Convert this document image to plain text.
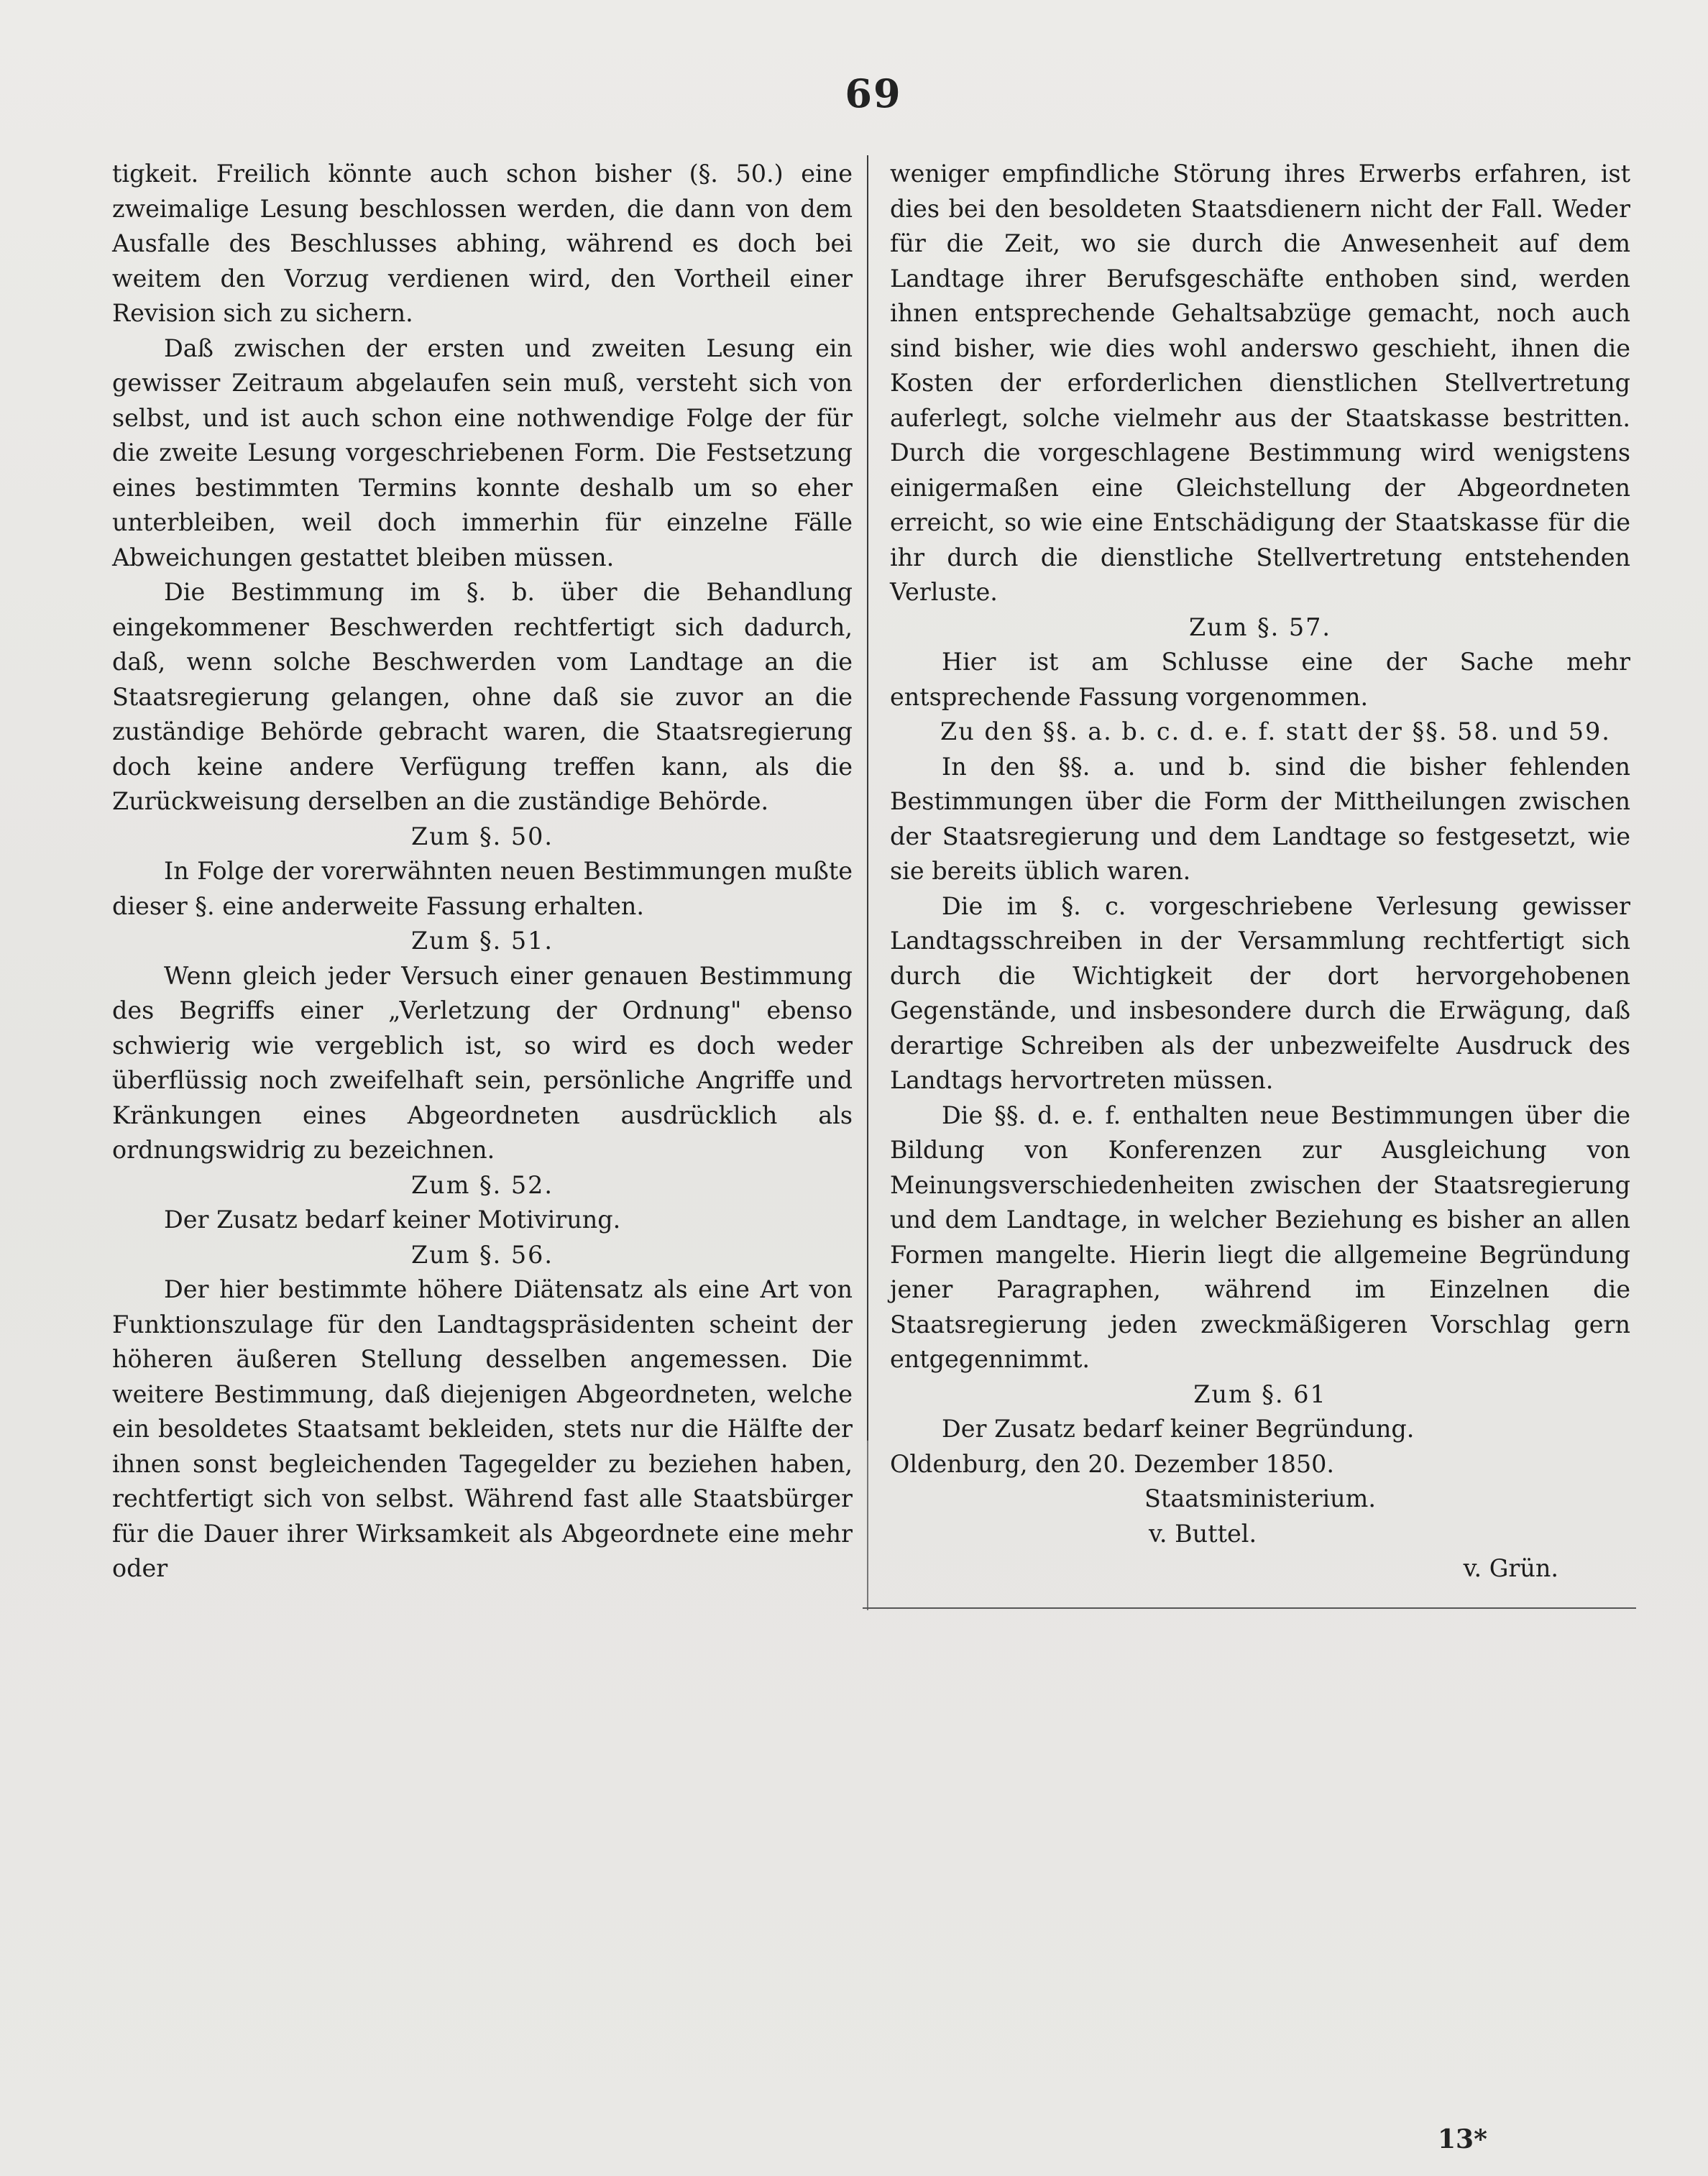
69

tigkeit. Freilich könnte auch schon bisher (§. 50.) eine zweimalige Lesung beschlossen werden, die dann von dem Ausfalle des Beschlusses abhing, während es doch bei weitem den Vorzug verdienen wird, den Vortheil einer Revision sich zu sichern.

Daß zwischen der ersten und zweiten Lesung ein gewisser Zeitraum abgelaufen sein muß, versteht sich von selbst, und ist auch schon eine nothwendige Folge der für die zweite Lesung vorgeschriebenen Form. Die Festsetzung eines bestimmten Termins konnte deshalb um so eher unterbleiben, weil doch immerhin für einzelne Fälle Abweichungen gestattet bleiben müssen.

Die Bestimmung im §. b. über die Behandlung eingekommener Beschwerden rechtfertigt sich dadurch, daß, wenn solche Beschwerden vom Landtage an die Staatsregierung gelangen, ohne daß sie zuvor an die zuständige Behörde gebracht waren, die Staatsregierung doch keine andere Verfügung treffen kann, als die Zurückweisung derselben an die zuständige Behörde.

Zum §. 50.

In Folge der vorerwähnten neuen Bestimmungen mußte dieser §. eine anderweite Fassung erhalten.

Zum §. 51.

Wenn gleich jeder Versuch einer genauen Bestimmung des Begriffs einer „Verletzung der Ordnung" ebenso schwierig wie vergeblich ist, so wird es doch weder überflüssig noch zweifelhaft sein, persönliche Angriffe und Kränkungen eines Abgeordneten ausdrücklich als ordnungswidrig zu bezeichnen.

Zum §. 52.

Der Zusatz bedarf keiner Motivirung.

Zum §. 56.

Der hier bestimmte höhere Diätensatz als eine Art von Funktionszulage für den Landtagspräsidenten scheint der höheren äußeren Stellung desselben angemessen. Die weitere Bestimmung, daß diejenigen Abgeordneten, welche ein besoldetes Staatsamt bekleiden, stets nur die Hälfte der ihnen sonst begleichenden Tagegelder zu beziehen haben, rechtfertigt sich von selbst. Während fast alle Staatsbürger für die Dauer ihrer Wirksamkeit als Abgeordnete eine mehr oder

weniger empfindliche Störung ihres Erwerbs erfahren, ist dies bei den besoldeten Staatsdienern nicht der Fall. Weder für die Zeit, wo sie durch die Anwesenheit auf dem Landtage ihrer Berufsgeschäfte enthoben sind, werden ihnen entsprechende Gehaltsabzüge gemacht, noch auch sind bisher, wie dies wohl anderswo geschieht, ihnen die Kosten der erforderlichen dienstlichen Stellvertretung auferlegt, solche vielmehr aus der Staatskasse bestritten. Durch die vorgeschlagene Bestimmung wird wenigstens einigermaßen eine Gleichstellung der Abgeordneten erreicht, so wie eine Entschädigung der Staatskasse für die ihr durch die dienstliche Stellvertretung entstehenden Verluste.

Zum §. 57.

Hier ist am Schlusse eine der Sache mehr entsprechende Fassung vorgenommen.

Zu den §§. a. b. c. d. e. f. statt der §§. 58. und 59.

In den §§. a. und b. sind die bisher fehlenden Bestimmungen über die Form der Mittheilungen zwischen der Staatsregierung und dem Landtage so festgesetzt, wie sie bereits üblich waren.

Die im §. c. vorgeschriebene Verlesung gewisser Landtagsschreiben in der Versammlung rechtfertigt sich durch die Wichtigkeit der dort hervorgehobenen Gegenstände, und insbesondere durch die Erwägung, daß derartige Schreiben als der unbezweifelte Ausdruck des Landtags hervortreten müssen.

Die §§. d. e. f. enthalten neue Bestimmungen über die Bildung von Konferenzen zur Ausgleichung von Meinungsverschiedenheiten zwischen der Staatsregierung und dem Landtage, in welcher Beziehung es bisher an allen Formen mangelte. Hierin liegt die allgemeine Begründung jener Paragraphen, während im Einzelnen die Staatsregierung jeden zweckmäßigeren Vorschlag gern entgegennimmt.

Zum §. 61

Der Zusatz bedarf keiner Begründung.

Oldenburg, den 20. Dezember 1850.

Staatsministerium.

v. Buttel.

v. Grün.

13*
